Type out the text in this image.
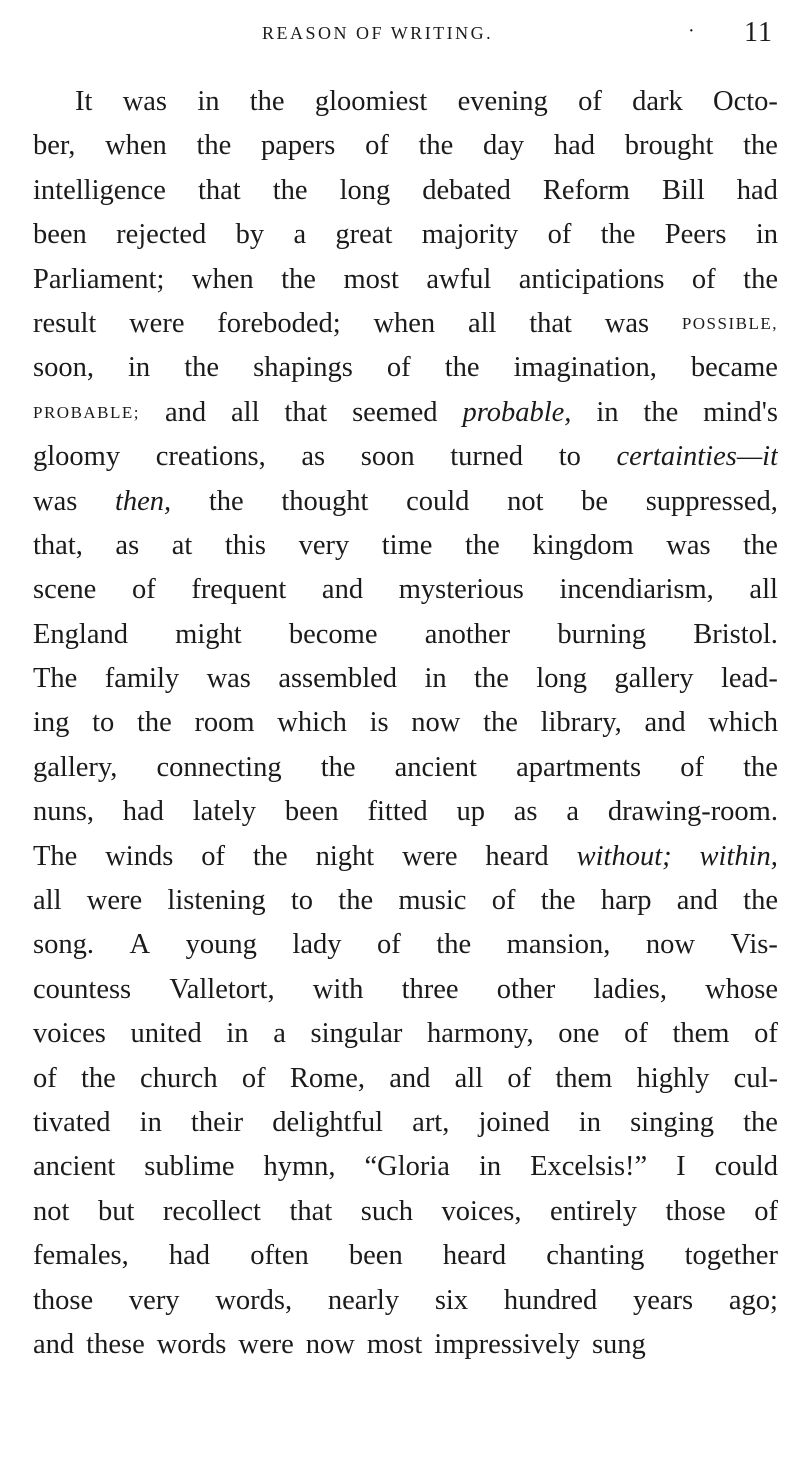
REASON OF WRITING.	· 11
It was in the gloomiest evening of dark Octo-
ber, when the papers of the day had brought the
intelligence that the long debated Reform Bill had
been rejected by a great majority of the Peers in
Parliament; when the most awful anticipations of the
result were foreboded; when all that was POSSIBLE,
soon, in the shapings of the imagination, became
PROBABLE; and all that seemed probable, in the mind's
gloomy creations, as soon turned to certainties—it
was then, the thought could not be suppressed,
that, as at this very time the kingdom was the
scene of frequent and mysterious incendiarism, all
England might become another burning Bristol.
The family was assembled in the long gallery lead-
ing to the room which is now the library, and which
gallery, connecting the ancient apartments of the
nuns, had lately been fitted up as a drawing-room.
The winds of the night were heard without; within,
all were listening to the music of the harp and the
song. A young lady of the mansion, now Vis-
countess Valletort, with three other ladies, whose
voices united in a singular harmony, one of them of
of the church of Rome, and all of them highly cul-
tivated in their delightful art, joined in singing the
ancient sublime hymn, “Gloria in Excelsis!” I could
not but recollect that such voices, entirely those of
females, had often been heard chanting together
those very words, nearly six hundred years ago;
and these words were now most impressively sung
